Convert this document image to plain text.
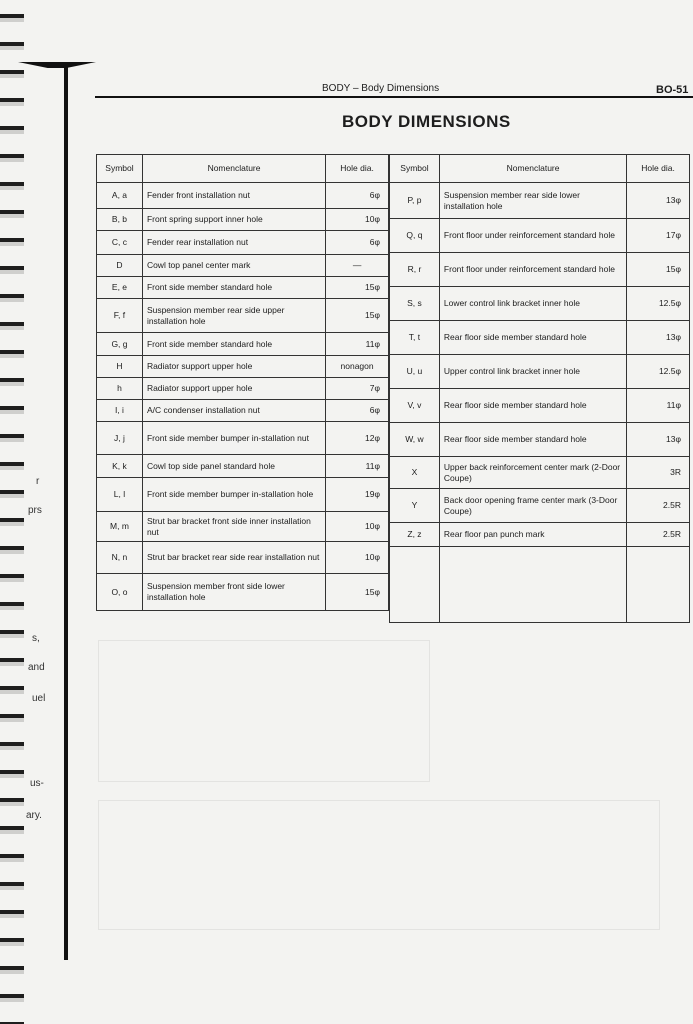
r
prs
s,
and
uel
us-
ary.
BODY – Body Dimensions	BO-51
BODY DIMENSIONS
Symbol	Nomenclature	Hole dia.
A, a	Fender front installation nut	6φ
B, b	Front spring support inner hole	10φ
C, c	Fender rear installation nut	6φ
D	Cowl top panel center mark	—
E, e	Front side member standard hole	15φ
F, f	Suspension member rear side upper installation hole	15φ
G, g	Front side member standard hole	11φ
H	Radiator support upper hole	nonagon
h	Radiator support upper hole	7φ
I, i	A/C condenser installation nut	6φ
J, j	Front side member bumper in-stallation nut	12φ
K, k	Cowl top side panel standard hole	11φ
L, l	Front side member bumper in-stallation hole	19φ
M, m	Strut bar bracket front side inner installation nut	10φ
N, n	Strut bar bracket rear side rear installation nut	10φ
O, o	Suspension member front side lower installation hole	15φ
Symbol	Nomenclature	Hole dia.
P, p	Suspension member rear side lower installation hole	13φ
Q, q	Front floor under reinforcement standard hole	17φ
R, r	Front floor under reinforcement standard hole	15φ
S, s	Lower control link bracket inner hole	12.5φ
T, t	Rear floor side member standard hole	13φ
U, u	Upper control link bracket inner hole	12.5φ
V, v	Rear floor side member standard hole	11φ
W, w	Rear floor side member standard hole	13φ
X	Upper back reinforcement center mark (2-Door Coupe)	3R
Y	Back door opening frame center mark (3-Door Coupe)	2.5R
Z, z	Rear floor pan punch mark	2.5R
